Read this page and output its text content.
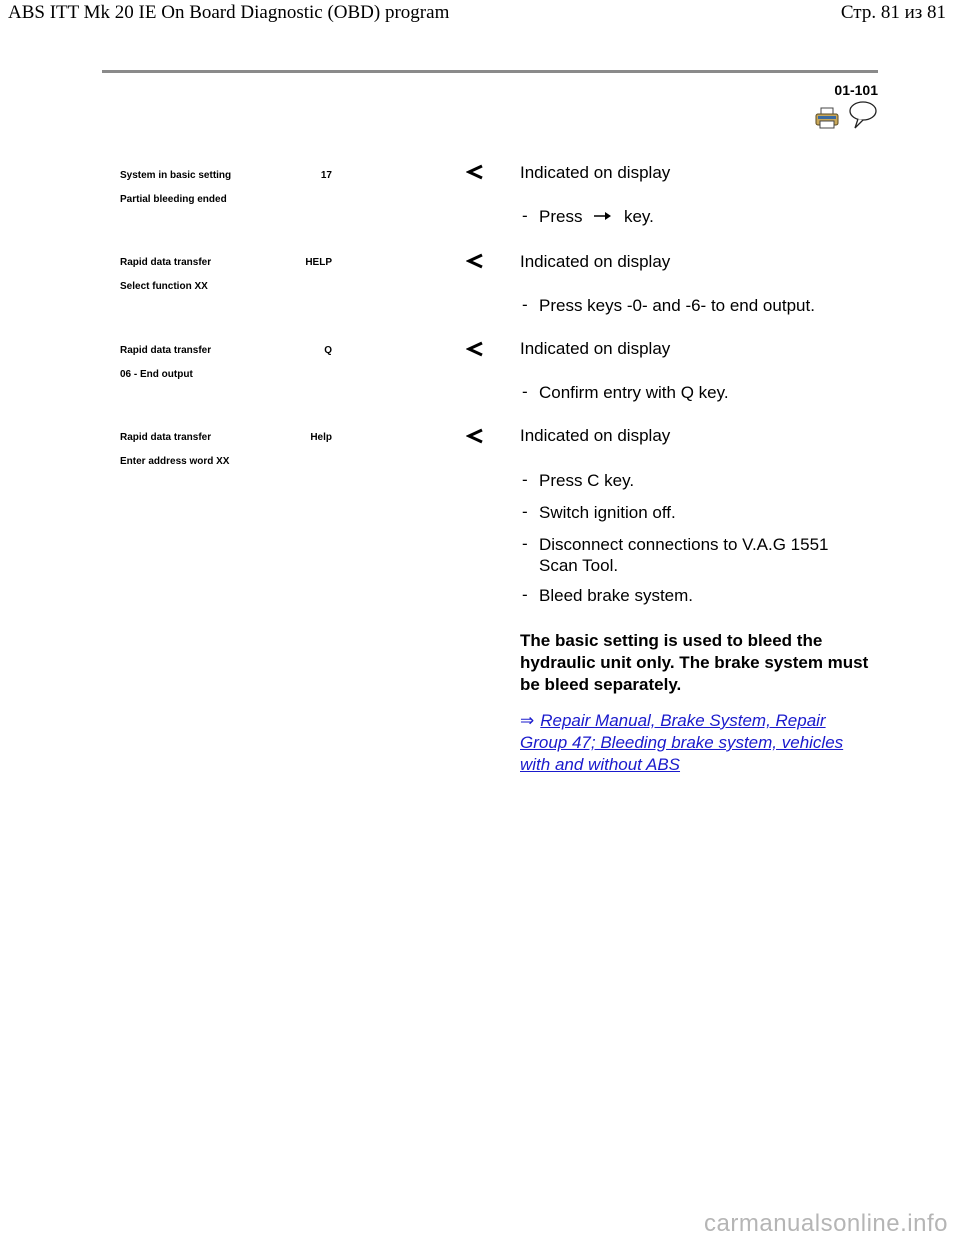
ABS ITT Mk 20 IE On Board Diagnostic (OBD) program	Стр. 81 из 81
01-101
System in basic setting	17
Partial bleeding ended
Indicated on display
- Press key.
Rapid data transfer	HELP
Select function XX
Indicated on display
- Press keys -0- and -6- to end output.
Rapid data transfer	Q
06 - End output
Indicated on display
- Confirm entry with Q key.
Rapid data transfer	Help
Enter address word XX
Indicated on display
- Press C key.
- Switch ignition off.
- Disconnect connections to V.A.G 1551 Scan Tool.
- Bleed brake system.
The basic setting is used to bleed the hydraulic unit only. The brake system must be bleed separately.
⇒ Repair Manual, Brake System, Repair Group 47; Bleeding brake system, vehicles with and without ABS
carmanualsonline.info
